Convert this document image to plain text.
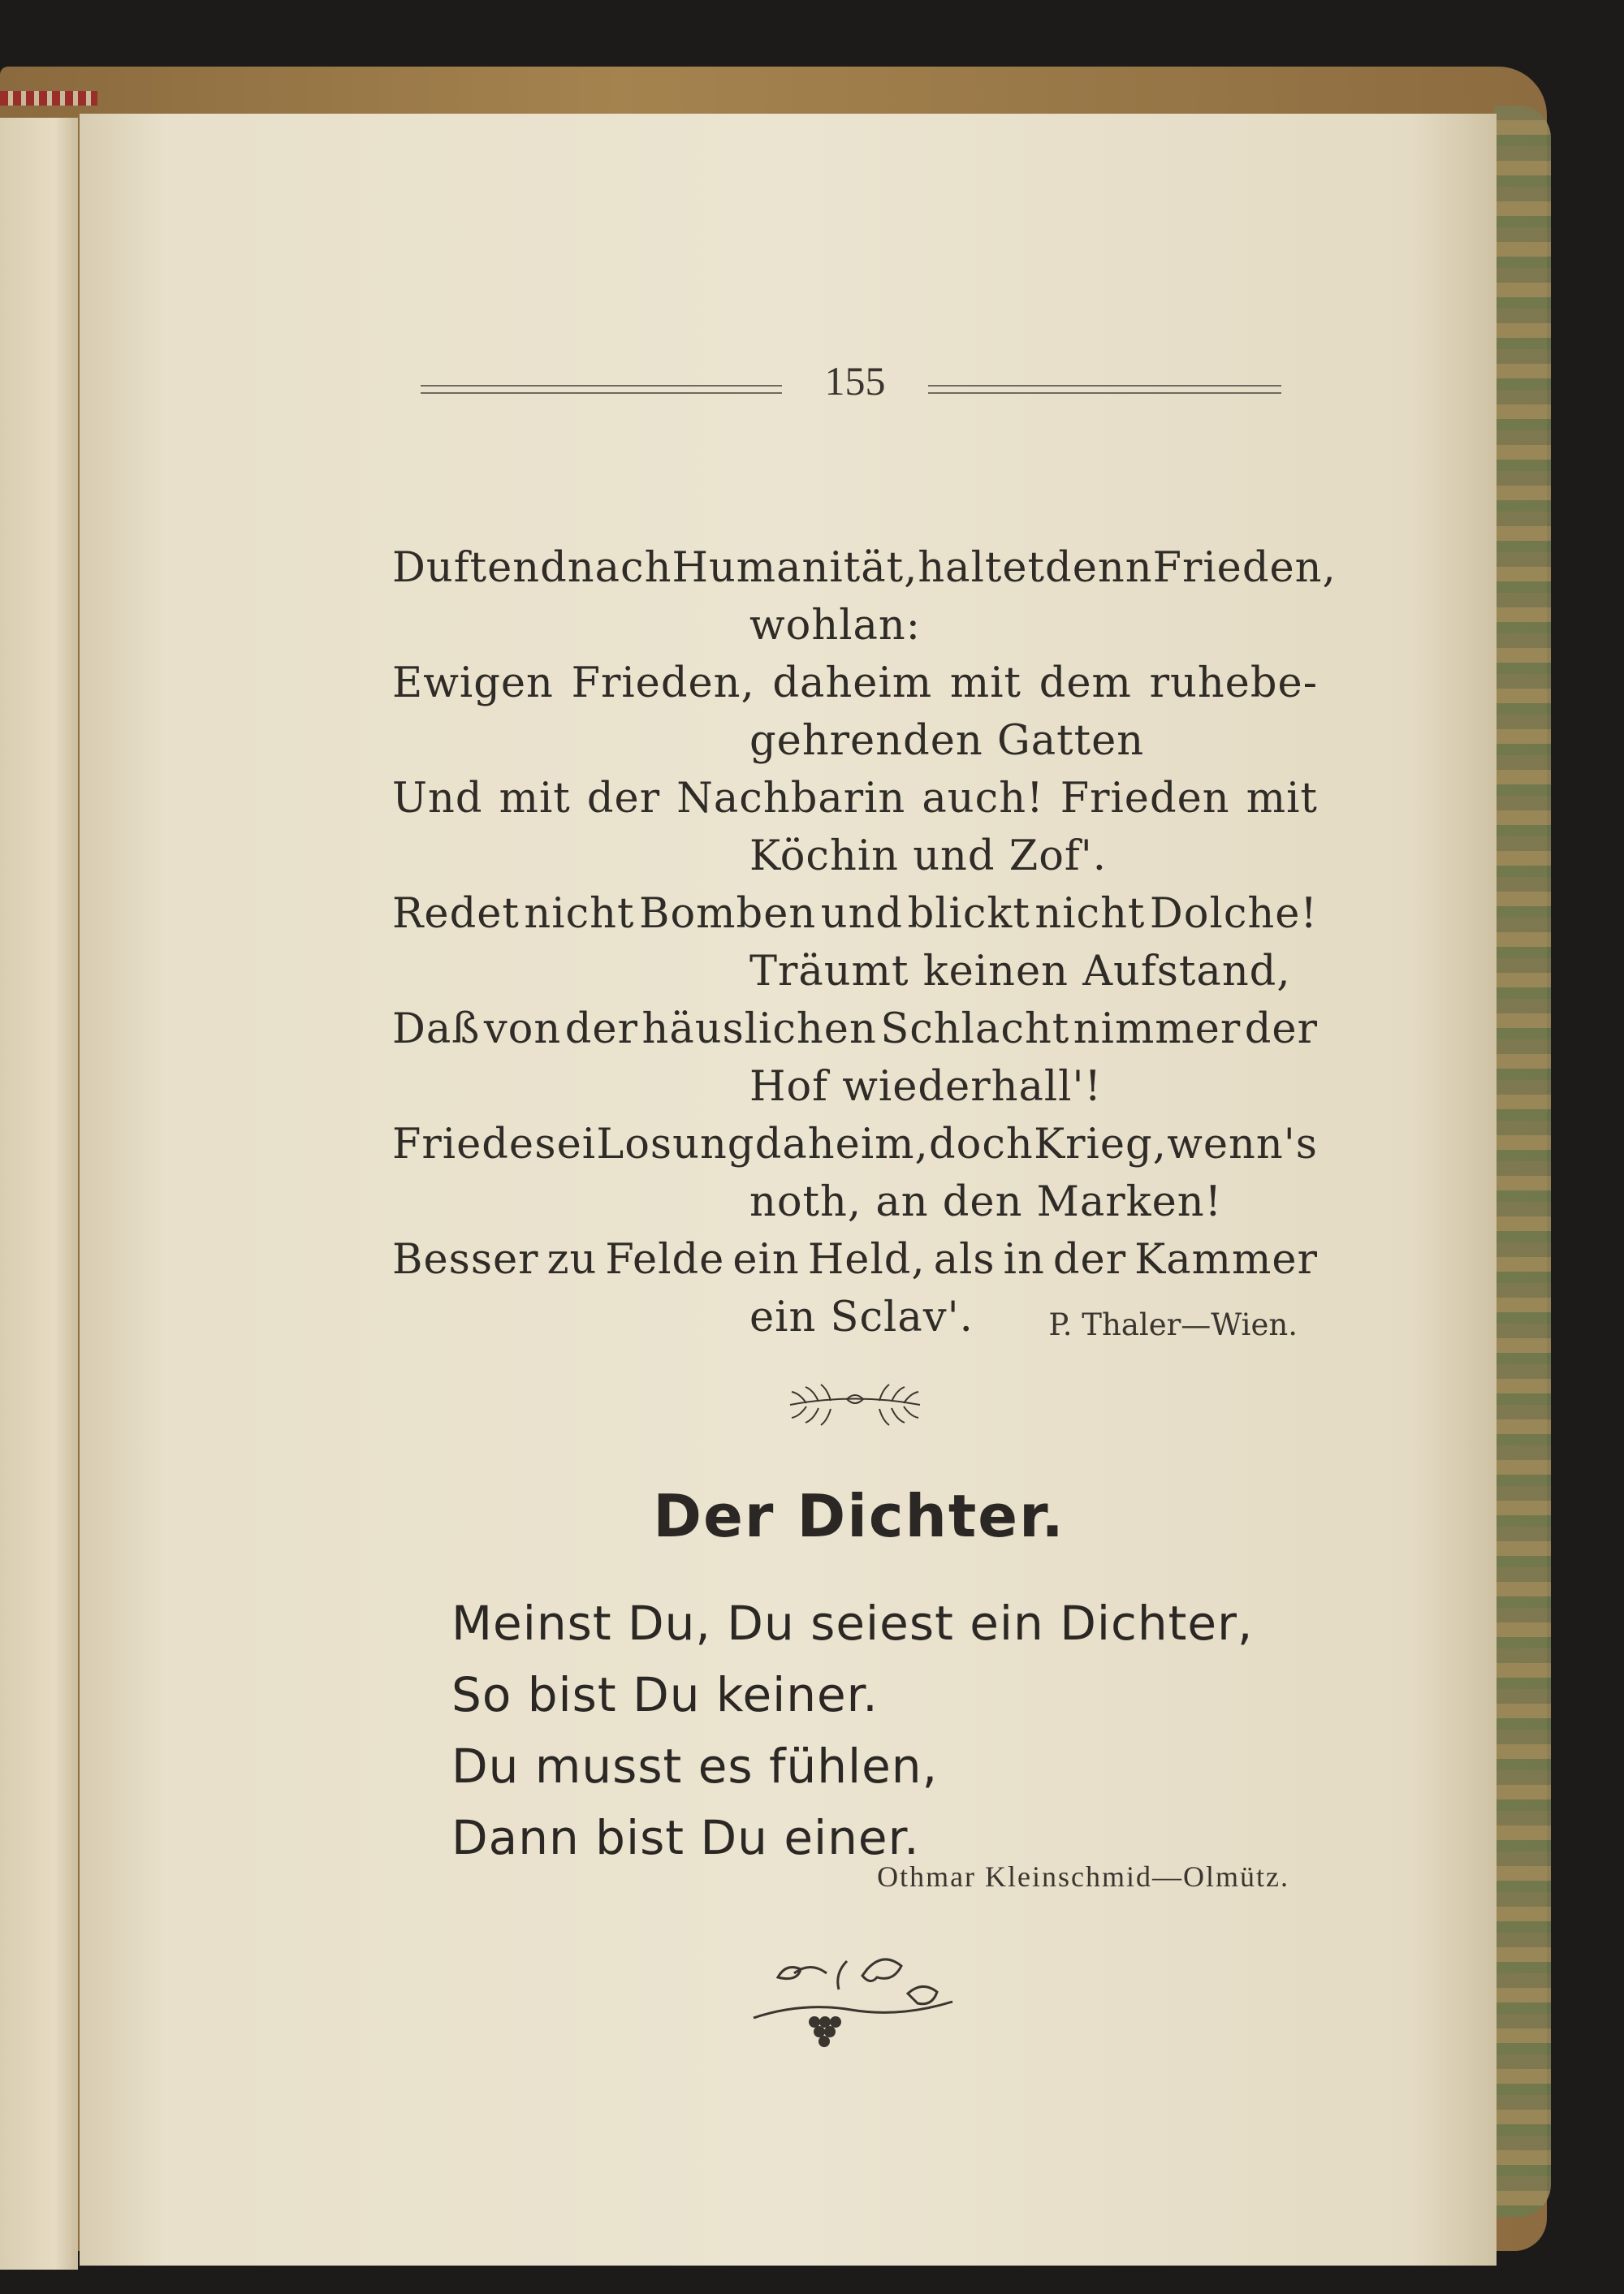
155
Duftend nach Humanität, haltet denn Frieden,
wohlan:
Ewigen Frieden, daheim mit dem ruhebe-
gehrenden Gatten
Und mit der Nachbarin auch! Frieden mit
Köchin und Zof'.
Redet nicht Bomben und blickt nicht Dolche!
Träumt keinen Aufstand,
Daß von der häuslichen Schlacht nimmer der
Hof wiederhall'!
Friede sei Losung daheim, doch Krieg, wenn's
noth, an den Marken!
Besser zu Felde ein Held, als in der Kammer
ein Sclav'.	P. Thaler—Wien.
Der Dichter.
Meinst Du, Du seiest ein Dichter,
So bist Du keiner.
Du musst es fühlen,
Dann bist Du einer.
Othmar Kleinschmid—Olmütz.
